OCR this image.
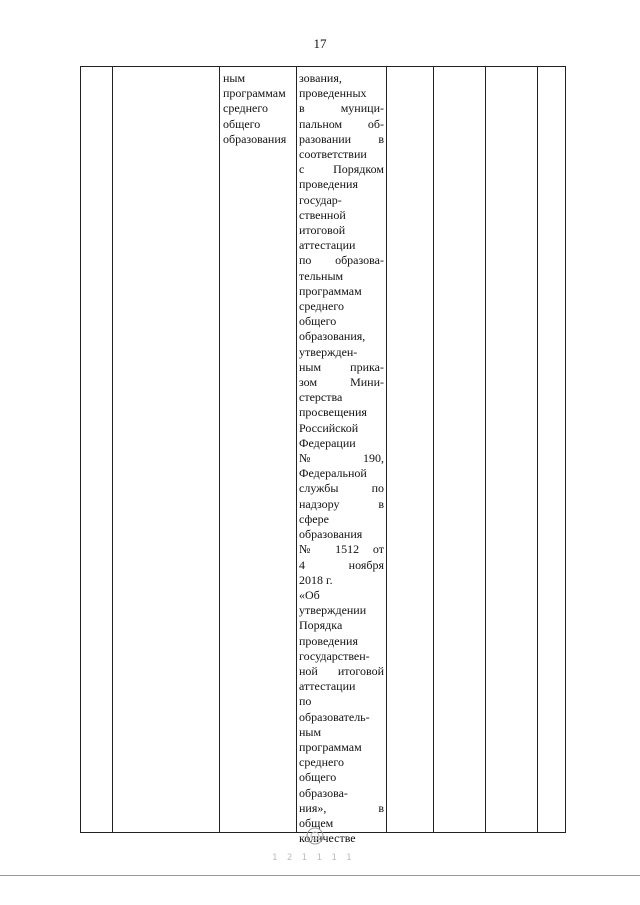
17
ным
программам
среднего
общего
образования
зования,
проведенных
в муници-
пальном об-
разовании в
соответствии
с Порядком
проведения
государ-
ственной
итоговой
аттестации
по образова-
тельным
программам
среднего
общего
образования,
утвержден-
ным прика-
зом Мини-
стерства
просвещения
Российской
Федерации
№ 190,
Федеральной
службы по
надзору в
сфере
образования
№ 1512 от
4 ноября
2018 г.
«Об
утверждении
Порядка
проведения
государствен-
ной итоговой
аттестации
по
образователь-
ным
программам
среднего
общего
образова-
ния», в
общем
количестве
1 2 1 1 1 1
